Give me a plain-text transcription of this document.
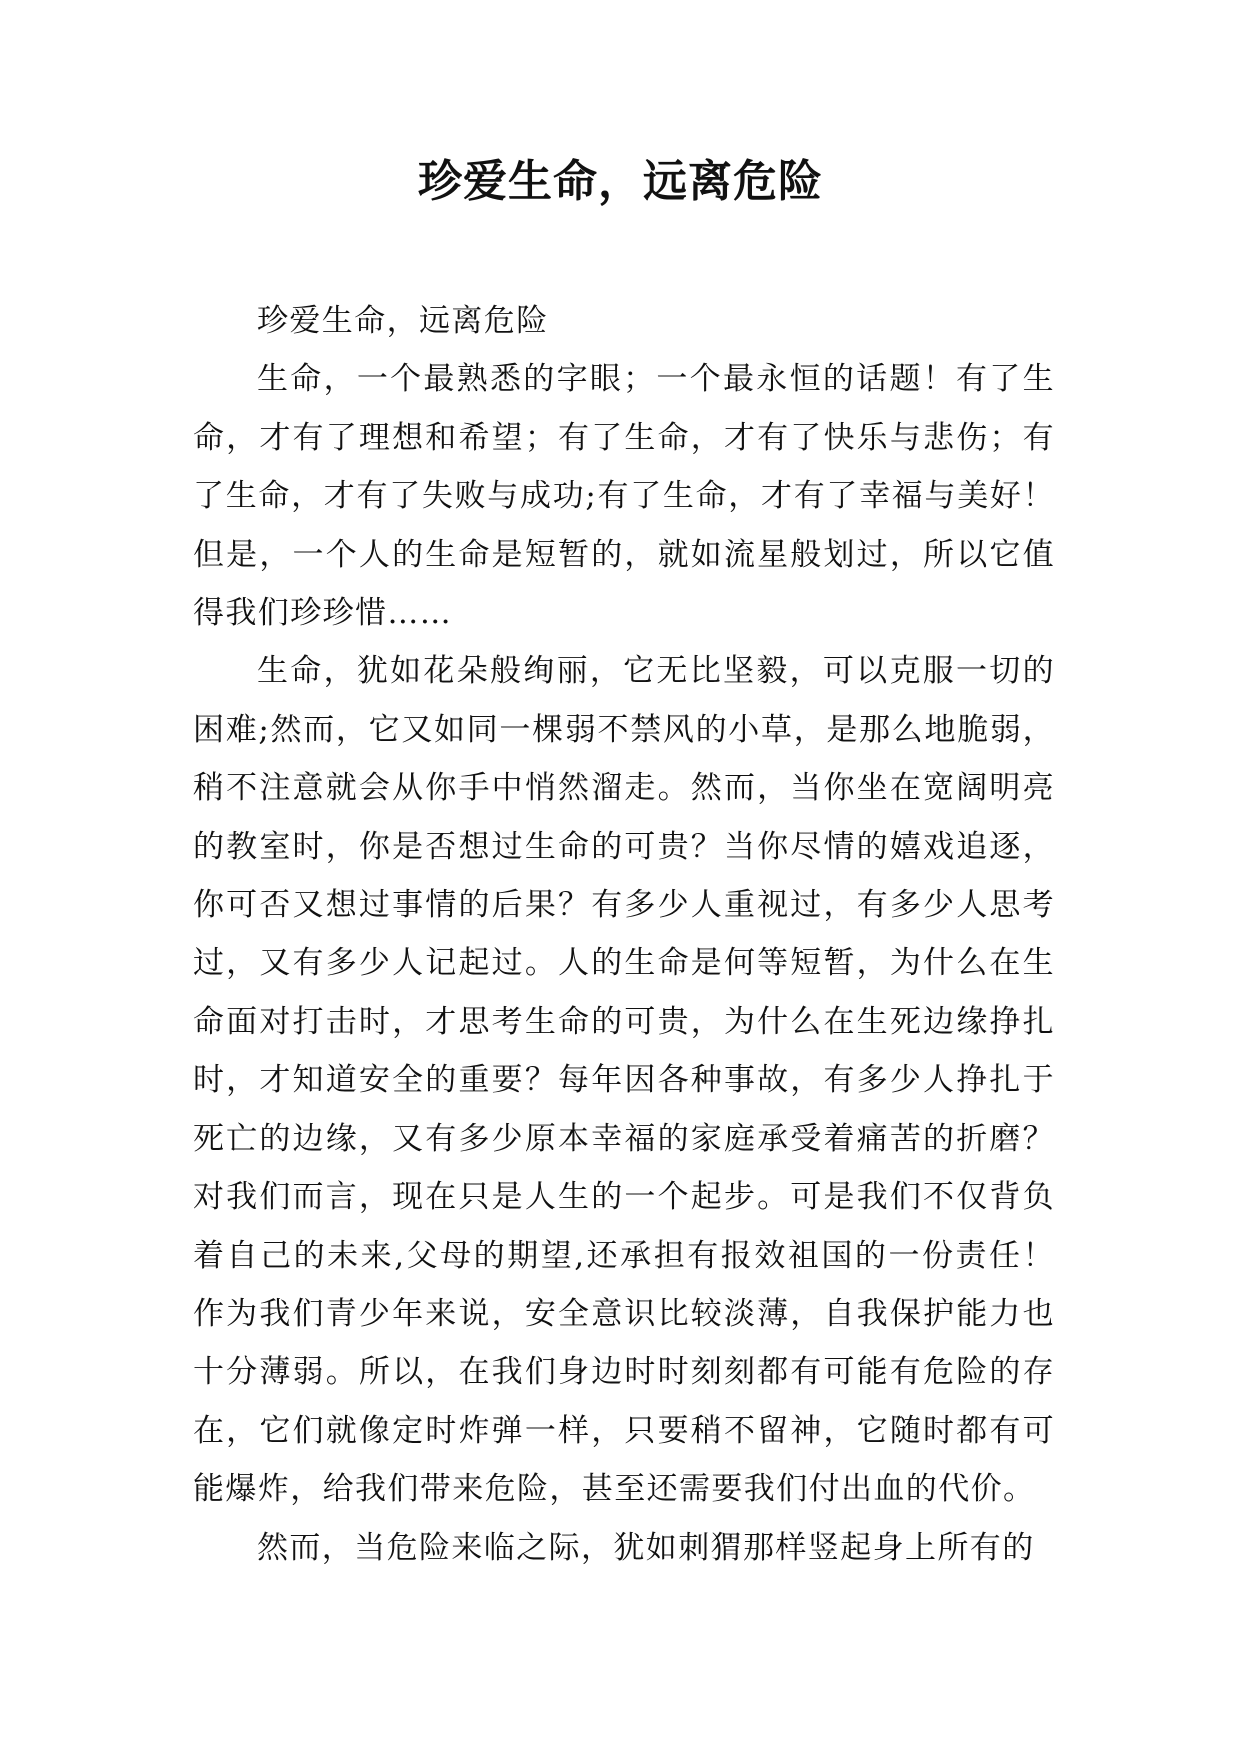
珍爱生命，远离危险

珍爱生命，远离危险

生命，一个最熟悉的字眼；一个最永恒的话题！有了生命，才有了理想和希望；有了生命，才有了快乐与悲伤；有了生命，才有了失败与成功;有了生命，才有了幸福与美好！但是，一个人的生命是短暂的，就如流星般划过，所以它值得我们珍珍惜……

生命，犹如花朵般绚丽，它无比坚毅，可以克服一切的困难;然而，它又如同一棵弱不禁风的小草，是那么地脆弱，稍不注意就会从你手中悄然溜走。然而，当你坐在宽阔明亮的教室时，你是否想过生命的可贵？当你尽情的嬉戏追逐，你可否又想过事情的后果？有多少人重视过，有多少人思考过，又有多少人记起过。人的生命是何等短暂，为什么在生命面对打击时，才思考生命的可贵，为什么在生死边缘挣扎时，才知道安全的重要？每年因各种事故，有多少人挣扎于死亡的边缘，又有多少原本幸福的家庭承受着痛苦的折磨？对我们而言，现在只是人生的一个起步。可是我们不仅背负着自己的未来,父母的期望,还承担有报效祖国的一份责任！作为我们青少年来说，安全意识比较淡薄，自我保护能力也十分薄弱。所以，在我们身边时时刻刻都有可能有危险的存在，它们就像定时炸弹一样，只要稍不留神，它随时都有可能爆炸，给我们带来危险，甚至还需要我们付出血的代价。

然而，当危险来临之际，犹如刺猬那样竖起身上所有的
